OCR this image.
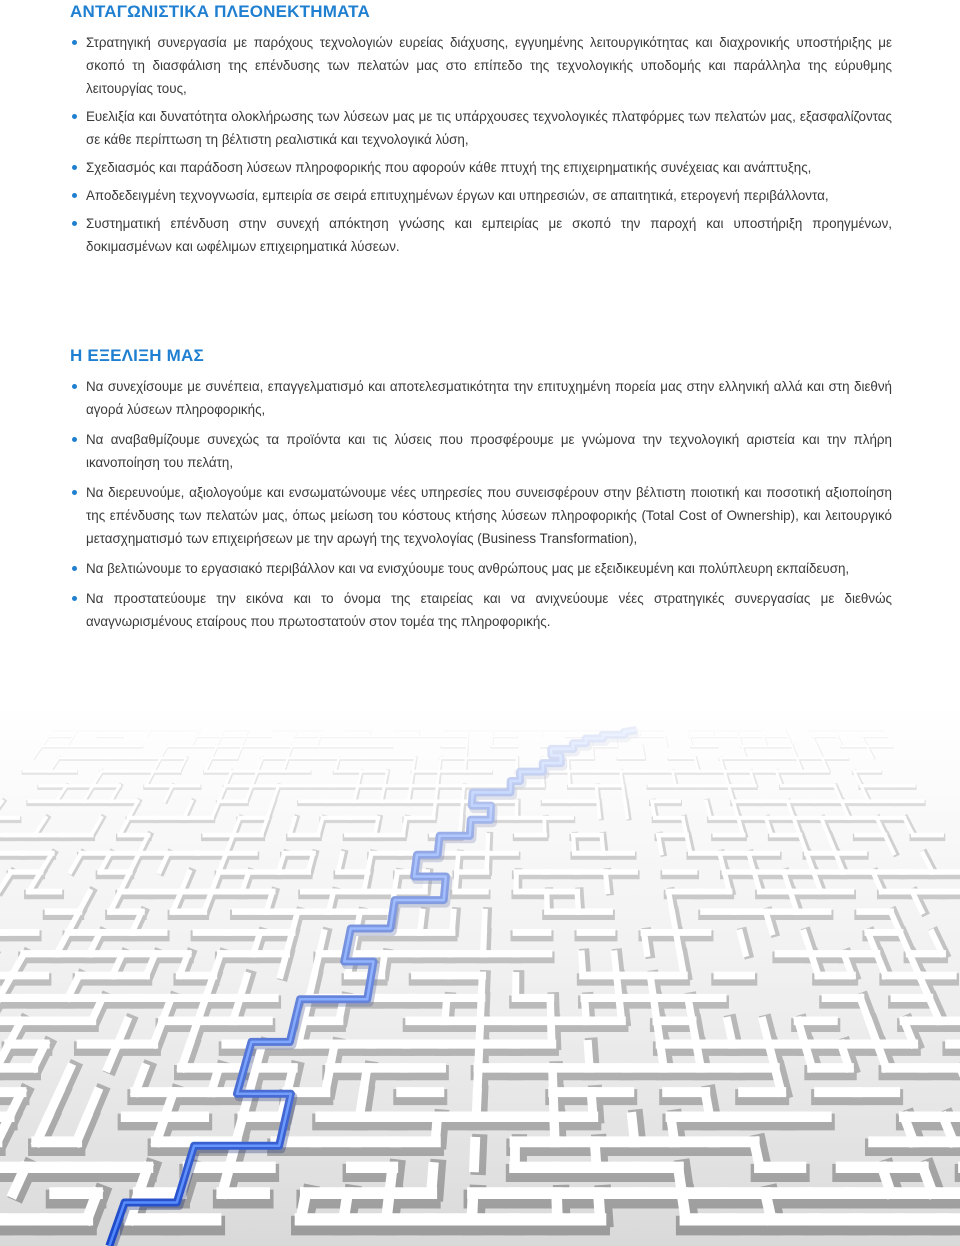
ΑΝΤΑΓΩΝΙΣΤΙΚΑ ΠΛΕΟΝΕΚΤΗΜΑΤΑ
Στρατηγική συνεργασία με παρόχους τεχνολογιών ευρείας διάχυσης, εγγυημένης λειτουργικότητας και διαχρονικής υποστήριξης με σκοπό τη διασφάλιση της επένδυσης των πελατών μας στο επίπεδο της τεχνολογικής υποδομής και παράλληλα της εύρυθμης λειτουργίας τους,
Ευελιξία και δυνατότητα ολοκλήρωσης των λύσεων μας με τις υπάρχουσες τεχνολογικές πλατφόρμες των πελατών μας, εξασφαλίζοντας σε κάθε περίπτωση τη βέλτιστη ρεαλιστικά και τεχνολογικά λύση,
Σχεδιασμός και παράδοση λύσεων πληροφορικής που αφορούν κάθε πτυχή της επιχειρηματικής συνέχειας και ανάπτυξης,
Αποδεδειγμένη τεχνογνωσία, εμπειρία σε σειρά επιτυχημένων έργων και υπηρεσιών, σε απαιτητικά, ετερογενή περιβάλλοντα,
Συστηματική επένδυση στην συνεχή απόκτηση γνώσης και εμπειρίας με σκοπό την παροχή και υποστήριξη προηγμένων, δοκιμασμένων και ωφέλιμων επιχειρηματικά λύσεων.
Η ΕΞΕΛΙΞΗ ΜΑΣ
Να συνεχίσουμε με συνέπεια, επαγγελματισμό και αποτελεσματικότητα την επιτυχημένη πορεία μας στην ελληνική αλλά και στη διεθνή αγορά λύσεων πληροφορικής,
Να αναβαθμίζουμε συνεχώς τα προϊόντα και τις λύσεις που προσφέρουμε με γνώμονα την τεχνολογική αριστεία και την πλήρη ικανοποίηση του πελάτη,
Να διερευνούμε, αξιολογούμε και ενσωματώνουμε νέες υπηρεσίες που συνεισφέρουν στην βέλτιστη ποιοτική και ποσοτική αξιοποίηση της επένδυσης των πελατών μας, όπως μείωση του κόστους κτήσης λύσεων πληροφορικής (Total Cost of Ownership), και λειτουργικό μετασχηματισμό των επιχειρήσεων με την αρωγή της τεχνολογίας (Business Transformation),
Να βελτιώνουμε το εργασιακό περιβάλλον και να ενισχύουμε τους ανθρώπους μας με εξειδικευμένη και πολύπλευρη εκπαίδευση,
Να προστατεύουμε την εικόνα και το όνομα της εταιρείας και να ανιχνεύουμε νέες στρατηγικές συνεργασίας με διεθνώς αναγνωρισμένους εταίρους που πρωτοστατούν στον τομέα της πληροφορικής.
